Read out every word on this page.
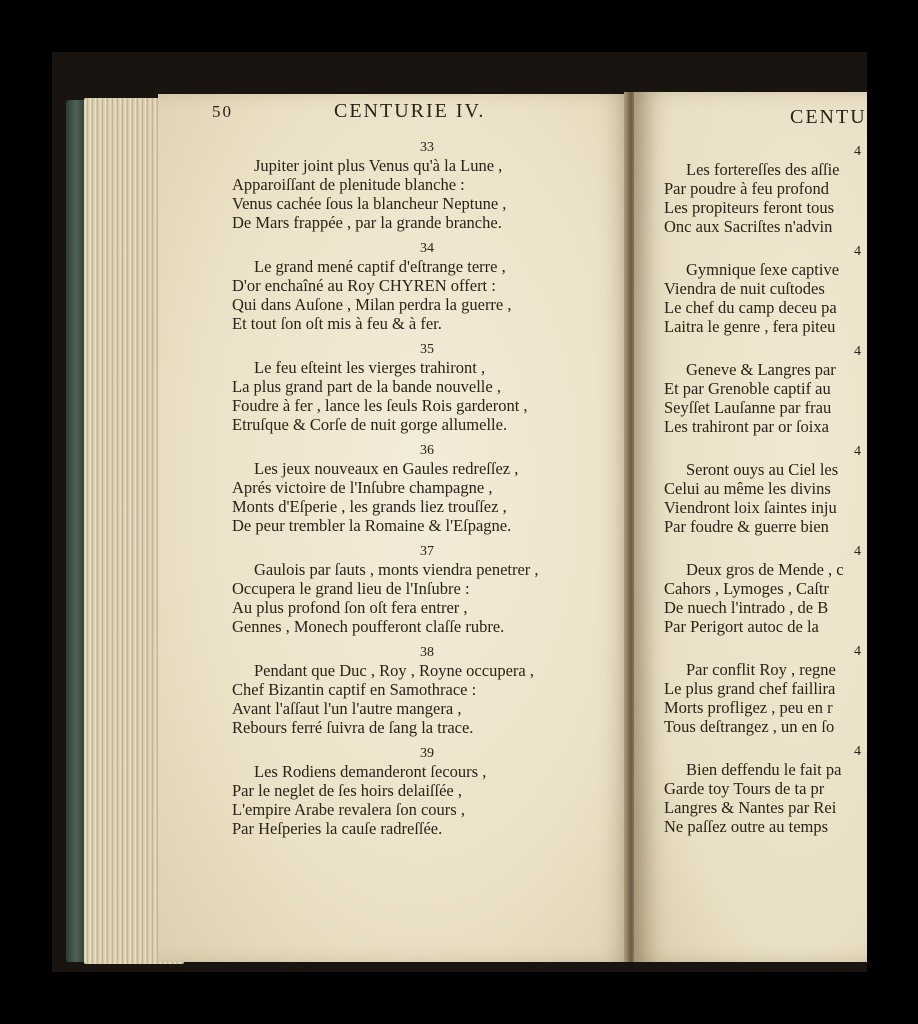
50	CENTURIE IV.
33
Jupiter joint plus Venus qu'à la Lune ,
Apparoiſſant de plenitude blanche :
Venus cachée ſous la blancheur Neptune ,
De Mars frappée , par la grande branche.
34
Le grand mené captif d'eſtrange terre ,
D'or enchaîné au Roy CHYREN offert :
Qui dans Auſone , Milan perdra la guerre ,
Et tout ſon oſt mis à feu & à fer.
35
Le feu eſteint les vierges trahiront ,
La plus grand part de la bande nouvelle ,
Foudre à fer , lance les ſeuls Rois garderont ,
Etruſque & Corſe de nuit gorge allumelle.
36
Les jeux nouveaux en Gaules redreſſez ,
Aprés victoire de l'Inſubre champagne ,
Monts d'Eſperie , les grands liez trouſſez ,
De peur trembler la Romaine & l'Eſpagne.
37
Gaulois par ſauts , monts viendra penetrer ,
Occupera le grand lieu de l'Inſubre :
Au plus profond ſon oſt fera entrer ,
Gennes , Monech poufferont claſſe rubre.
38
Pendant que Duc , Roy , Royne occupera ,
Chef Bizantin captif en Samothrace :
Avant l'aſſaut l'un l'autre mangera ,
Rebours ferré ſuivra de ſang la trace.
39
Les Rodiens demanderont ſecours ,
Par le neglet de ſes hoirs delaiſſée ,
L'empire Arabe revalera ſon cours ,
Par Heſperies la cauſe radreſſée.
CENTU
4
Les fortereſſes des aſſie
Par poudre à feu profond
Les propiteurs feront tous
Onc aux Sacriſtes n'advin
4
Gymnique ſexe captive
Viendra de nuit cuſtodes
Le chef du camp deceu pa
Laitra le genre , fera piteu
4
Geneve & Langres par
Et par Grenoble captif au
Seyſſet Lauſanne par frau
Les trahiront par or ſoixa
4
Seront ouys au Ciel les
Celui au même les divins
Viendront loix ſaintes inju
Par foudre & guerre bien
4
Deux gros de Mende , c
Cahors , Lymoges , Caſtr
De nuech l'intrado , de B
Par Perigort autoc de la
4
Par conflit Roy , regne
Le plus grand chef faillira
Morts profligez , peu en r
Tous deſtrangez , un en ſo
4
Bien deffendu le fait pa
Garde toy Tours de ta pr
Langres & Nantes par Rei
Ne paſſez outre au temps
